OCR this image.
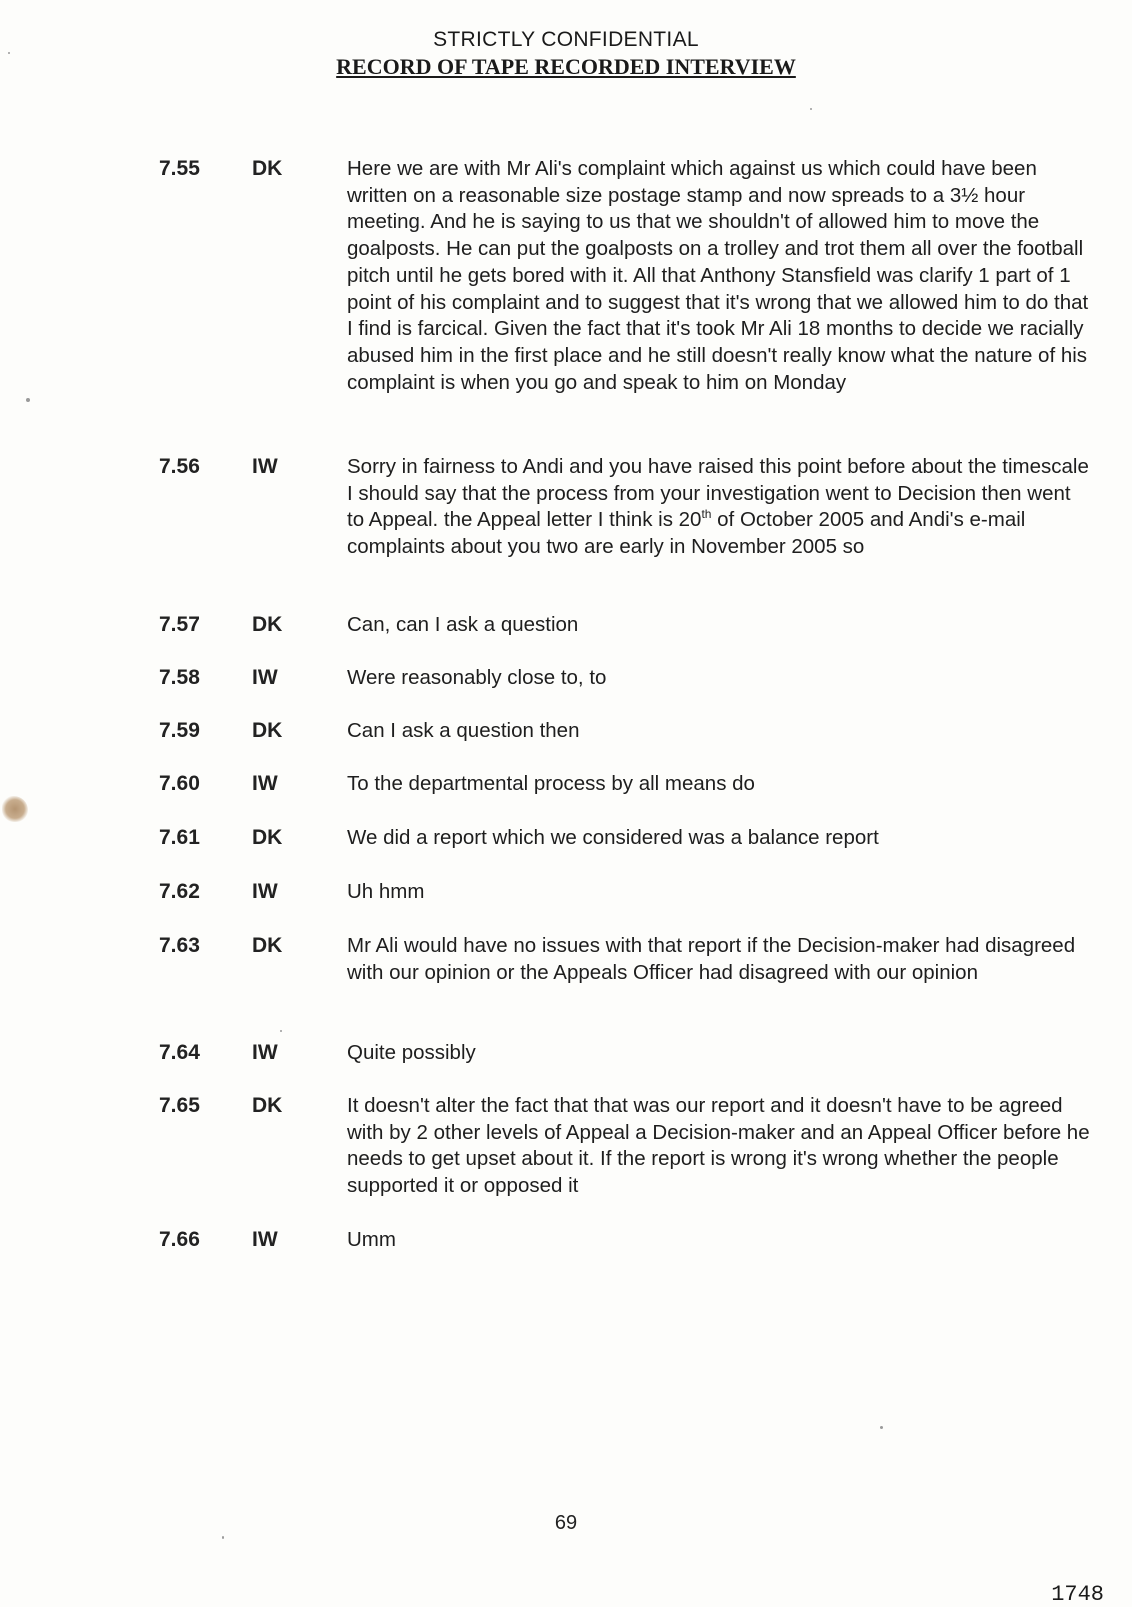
STRICTLY CONFIDENTIAL
RECORD OF TAPE RECORDED INTERVIEW
7.55	DK	Here we are with Mr Ali's complaint which against us which could have been written on a reasonable size postage stamp and now spreads to a 3½ hour meeting. And he is saying to us that we shouldn't of allowed him to move the goalposts. He can put the goalposts on a trolley and trot them all over the football pitch until he gets bored with it. All that Anthony Stansfield was clarify 1 part of 1 point of his complaint and to suggest that it's wrong that we allowed him to do that I find is farcical. Given the fact that it's took Mr Ali 18 months to decide we racially abused him in the first place and he still doesn't really know what the nature of his complaint is when you go and speak to him on Monday
7.56	IW	Sorry in fairness to Andi and you have raised this point before about the timescale I should say that the process from your investigation went to Decision then went to Appeal. the Appeal letter I think is 20th of October 2005 and Andi's e-mail complaints about you two are early in November 2005 so
7.57	DK	Can, can I ask a question
7.58	IW	Were reasonably close to, to
7.59	DK	Can I ask a question then
7.60	IW	To the departmental process by all means do
7.61	DK	We did a report which we considered was a balance report
7.62	IW	Uh hmm
7.63	DK	Mr Ali would have no issues with that report if the Decision-maker had disagreed with our opinion or the Appeals Officer had disagreed with our opinion
7.64	IW	Quite possibly
7.65	DK	It doesn't alter the fact that that was our report and it doesn't have to be agreed with by 2 other levels of Appeal a Decision-maker and an Appeal Officer before he needs to get upset about it. If the report is wrong it's wrong whether the people supported it or opposed it
7.66	IW	Umm
69
1748
